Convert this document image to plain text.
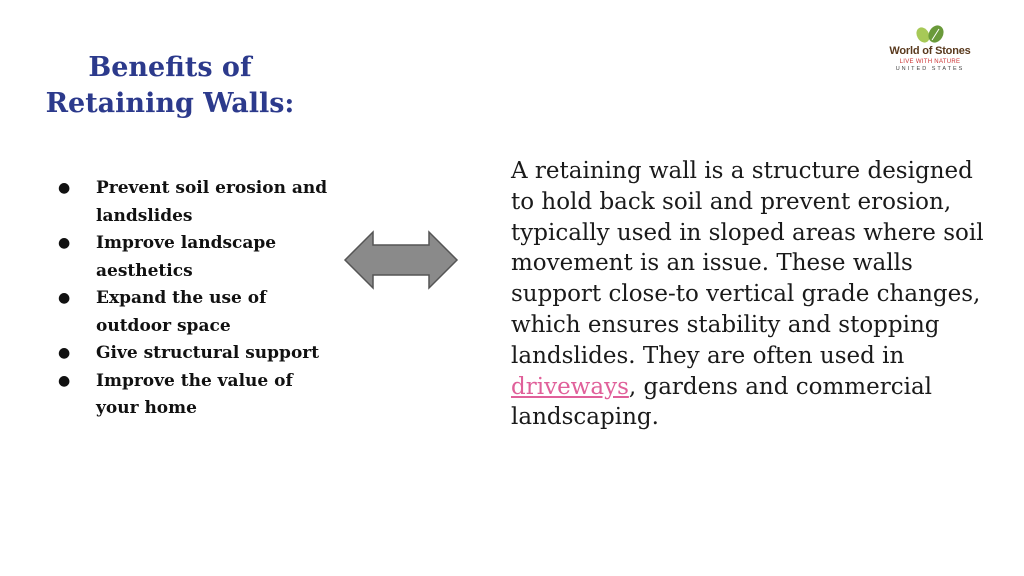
Benefits of
Retaining Walls:
● Prevent soil erosion and landslides
● Improve landscape aesthetics
● Expand the use of outdoor space
● Give structural support
● Improve the value of your home

A retaining wall is a structure designed to hold back soil and prevent erosion, typically used in sloped areas where soil movement is an issue. These walls support close-to vertical grade changes, which ensures stability and stopping landslides. They are often used in driveways, gardens and commercial landscaping.

World of Stones
LIVE WITH NATURE
UNITED STATES
